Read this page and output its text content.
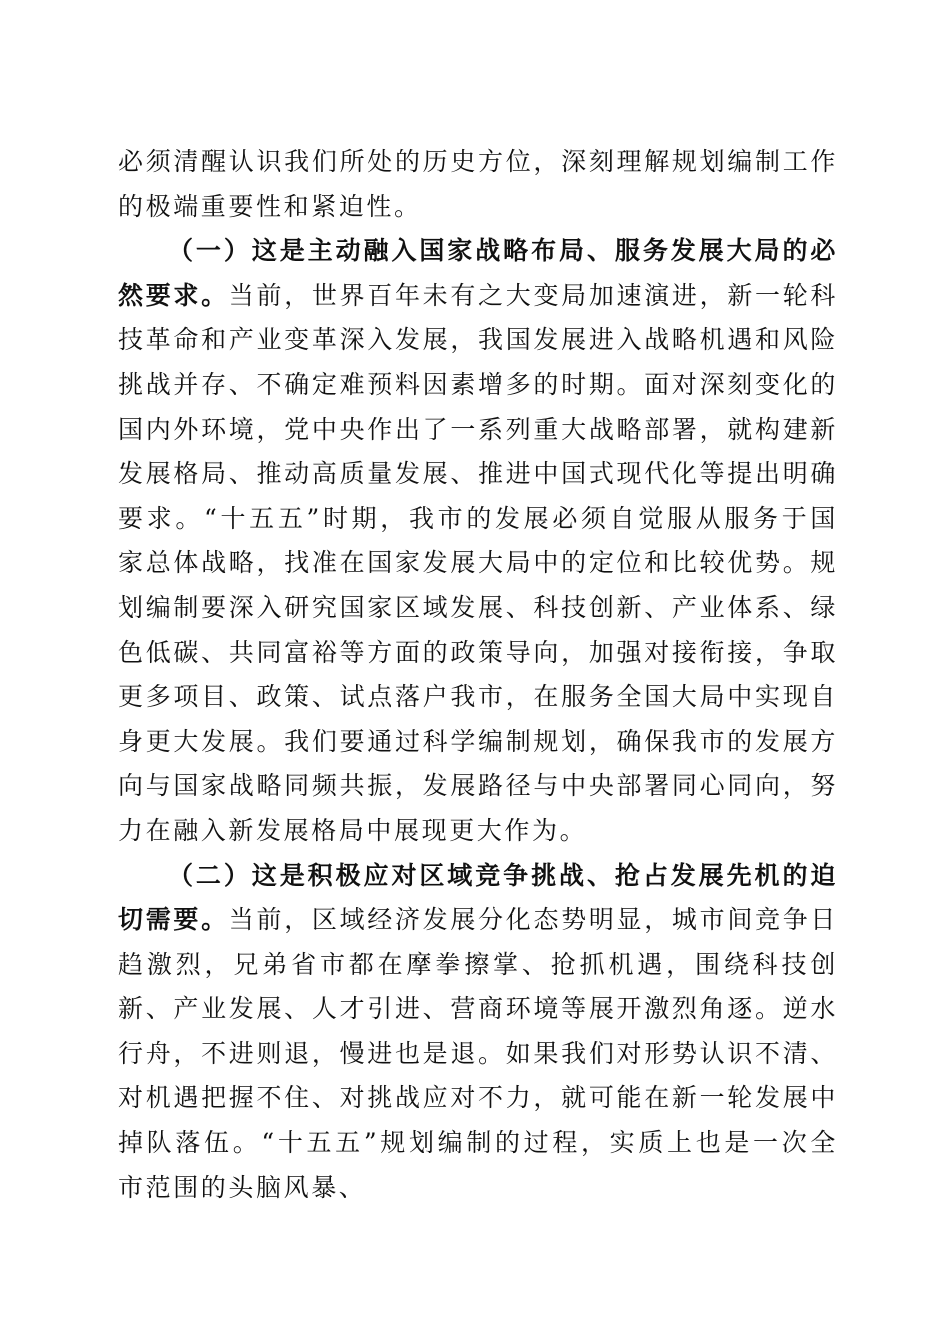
必须清醒认识我们所处的历史方位，深刻理解规划编制工作的极端重要性和紧迫性。

（一）这是主动融入国家战略布局、服务发展大局的必然要求。当前，世界百年未有之大变局加速演进，新一轮科技革命和产业变革深入发展，我国发展进入战略机遇和风险挑战并存、不确定难预料因素增多的时期。面对深刻变化的国内外环境，党中央作出了一系列重大战略部署，就构建新发展格局、推动高质量发展、推进中国式现代化等提出明确要求。“十五五”时期，我市的发展必须自觉服从服务于国家总体战略，找准在国家发展大局中的定位和比较优势。规划编制要深入研究国家区域发展、科技创新、产业体系、绿色低碳、共同富裕等方面的政策导向，加强对接衔接，争取更多项目、政策、试点落户我市，在服务全国大局中实现自身更大发展。我们要通过科学编制规划，确保我市的发展方向与国家战略同频共振，发展路径与中央部署同心同向，努力在融入新发展格局中展现更大作为。

（二）这是积极应对区域竞争挑战、抢占发展先机的迫切需要。当前，区域经济发展分化态势明显，城市间竞争日趋激烈，兄弟省市都在摩拳擦掌、抢抓机遇，围绕科技创新、产业发展、人才引进、营商环境等展开激烈角逐。逆水行舟，不进则退，慢进也是退。如果我们对形势认识不清、对机遇把握不住、对挑战应对不力，就可能在新一轮发展中掉队落伍。“十五五”规划编制的过程，实质上也是一次全市范围的头脑风暴、
